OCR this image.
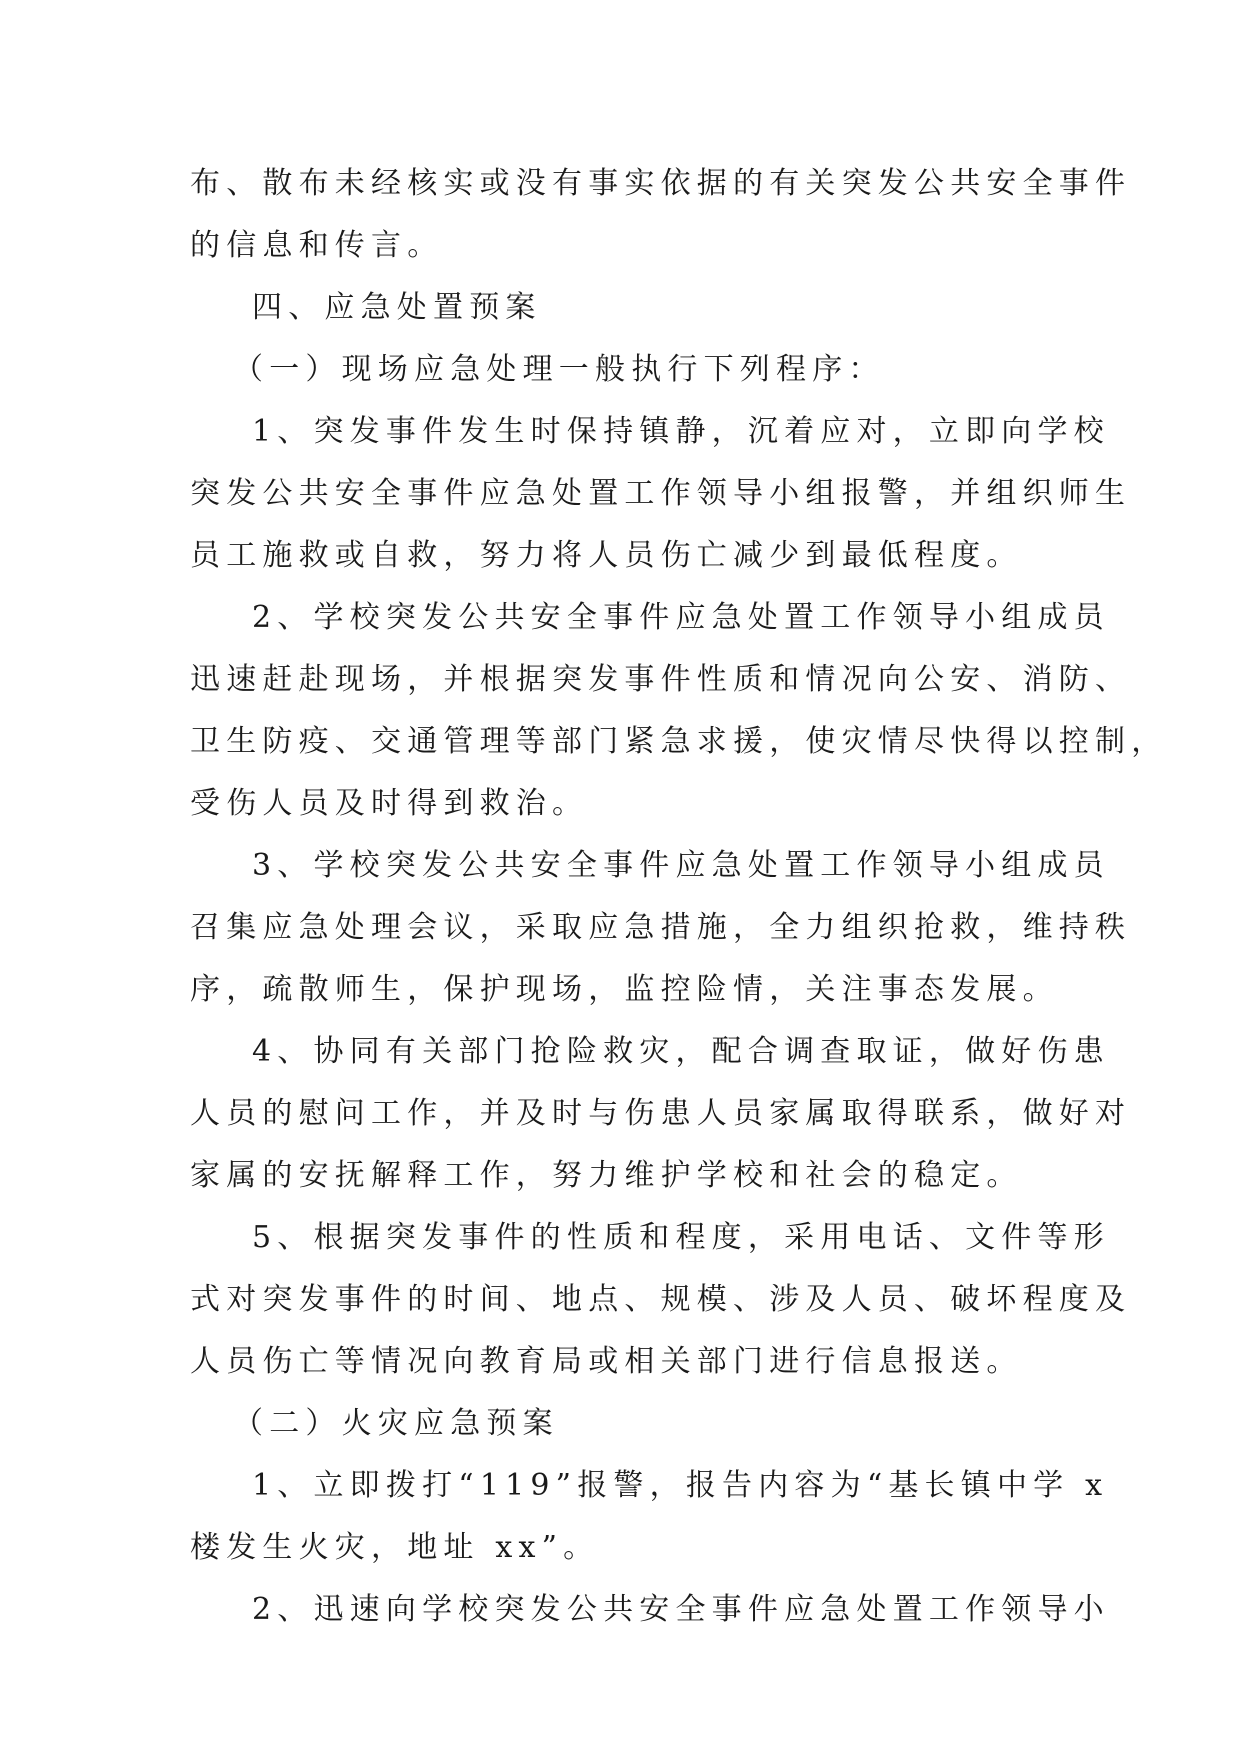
布、散布未经核实或没有事实依据的有关突发公共安全事件
的信息和传言。
四、应急处置预案
（一）现场应急处理一般执行下列程序：
1、突发事件发生时保持镇静，沉着应对，立即向学校
突发公共安全事件应急处置工作领导小组报警，并组织师生
员工施救或自救，努力将人员伤亡减少到最低程度。
2、学校突发公共安全事件应急处置工作领导小组成员
迅速赶赴现场，并根据突发事件性质和情况向公安、消防、
卫生防疫、交通管理等部门紧急求援，使灾情尽快得以控制，
受伤人员及时得到救治。
3、学校突发公共安全事件应急处置工作领导小组成员
召集应急处理会议，采取应急措施，全力组织抢救，维持秩
序，疏散师生，保护现场，监控险情，关注事态发展。
4、协同有关部门抢险救灾，配合调查取证，做好伤患
人员的慰问工作，并及时与伤患人员家属取得联系，做好对
家属的安抚解释工作，努力维护学校和社会的稳定。
5、根据突发事件的性质和程度，采用电话、文件等形
式对突发事件的时间、地点、规模、涉及人员、破坏程度及
人员伤亡等情况向教育局或相关部门进行信息报送。
（二）火灾应急预案
1、立即拨打“119”报警，报告内容为“基长镇中学 x
楼发生火灾，地址 xx”。
2、迅速向学校突发公共安全事件应急处置工作领导小
